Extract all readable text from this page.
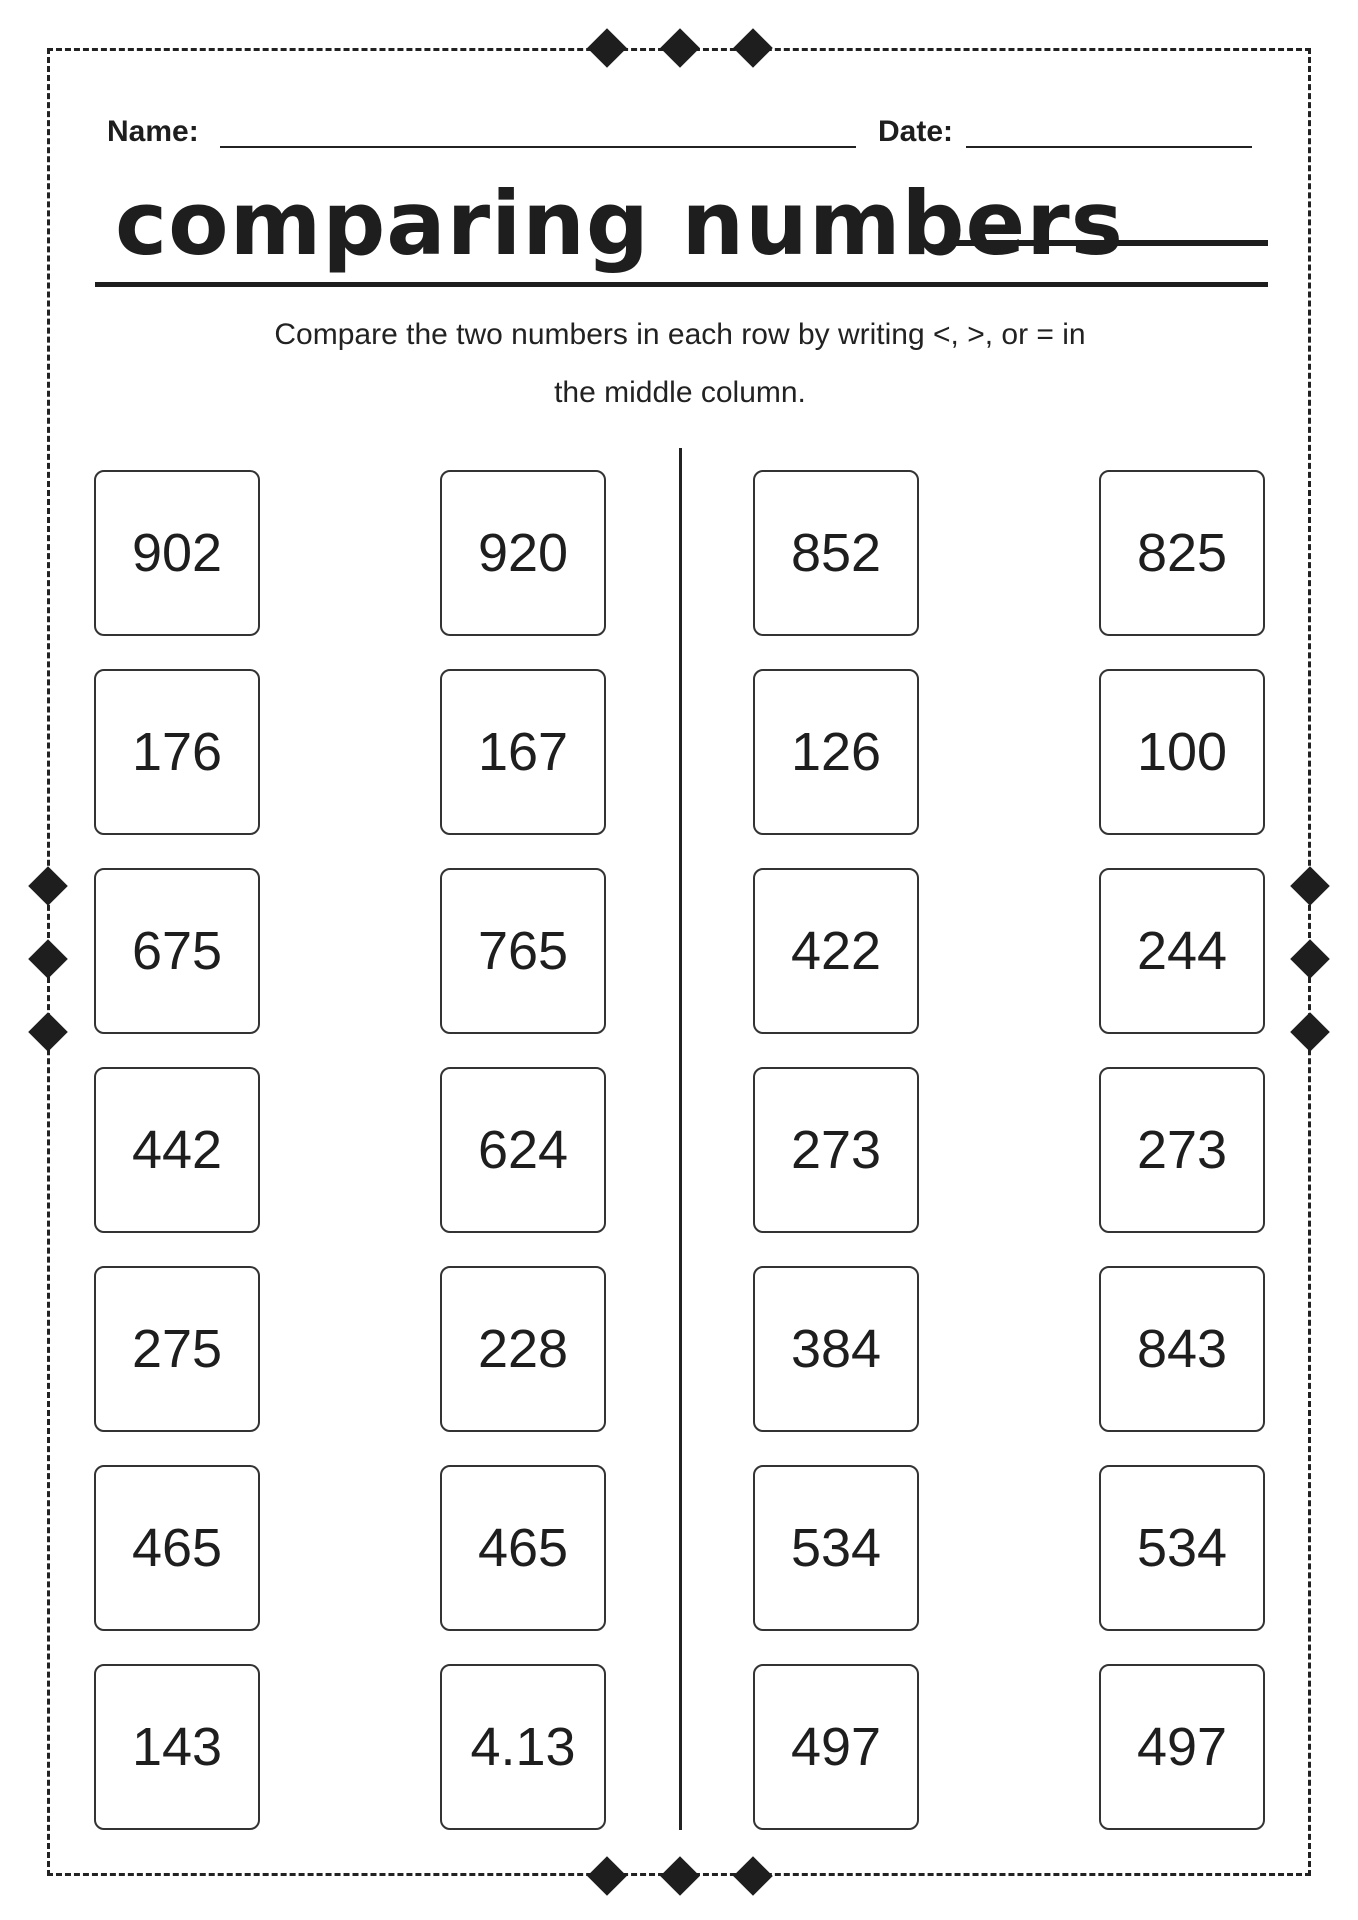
Name:	Date:
comparing numbers
Compare the two numbers in each row by writing <, >, or = in
the middle column.
902	920
176	167
675	765
442	624
275	228
465	465
143	4.13
852	825
126	100
422	244
273	273
384	843
534	534
497	497
